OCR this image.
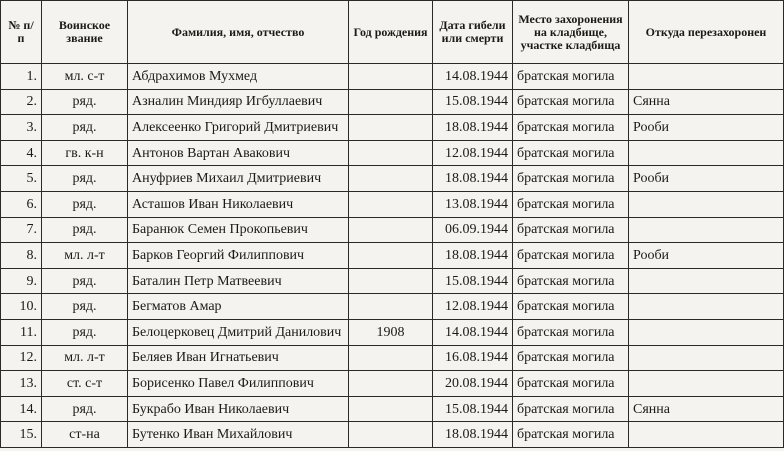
№ п/п	Воинское звание	Фамилия, имя, отчество	Год рождения	Дата гибели или смерти	Место захоронения на кладбище, участке кладбища	Откуда перезахоронен
1.	мл. с-т	Абдрахимов Мухмед		14.08.1944	братская могила	
2.	ряд.	Азналин Миндияр Игбуллаевич		15.08.1944	братская могила	Сянна
3.	ряд.	Алексеенко Григорий Дмитриевич		18.08.1944	братская могила	Рооби
4.	гв. к-н	Антонов Вартан Авакович		12.08.1944	братская могила	
5.	ряд.	Ануфриев Михаил Дмитриевич		18.08.1944	братская могила	Рооби
6.	ряд.	Асташов Иван Николаевич		13.08.1944	братская могила	
7.	ряд.	Баранюк Семен Прокопьевич		06.09.1944	братская могила	
8.	мл. л-т	Барков Георгий Филиппович		18.08.1944	братская могила	Рооби
9.	ряд.	Баталин Петр Матвеевич		15.08.1944	братская могила	
10.	ряд.	Бегматов Амар		12.08.1944	братская могила	
11.	ряд.	Белоцерковец Дмитрий Данилович	1908	14.08.1944	братская могила	
12.	мл. л-т	Беляев Иван Игнатьевич		16.08.1944	братская могила	
13.	ст. с-т	Борисенко Павел Филиппович		20.08.1944	братская могила	
14.	ряд.	Букрабо Иван Николаевич		15.08.1944	братская могила	Сянна
15.	ст-на	Бутенко Иван Михайлович		18.08.1944	братская могила	
